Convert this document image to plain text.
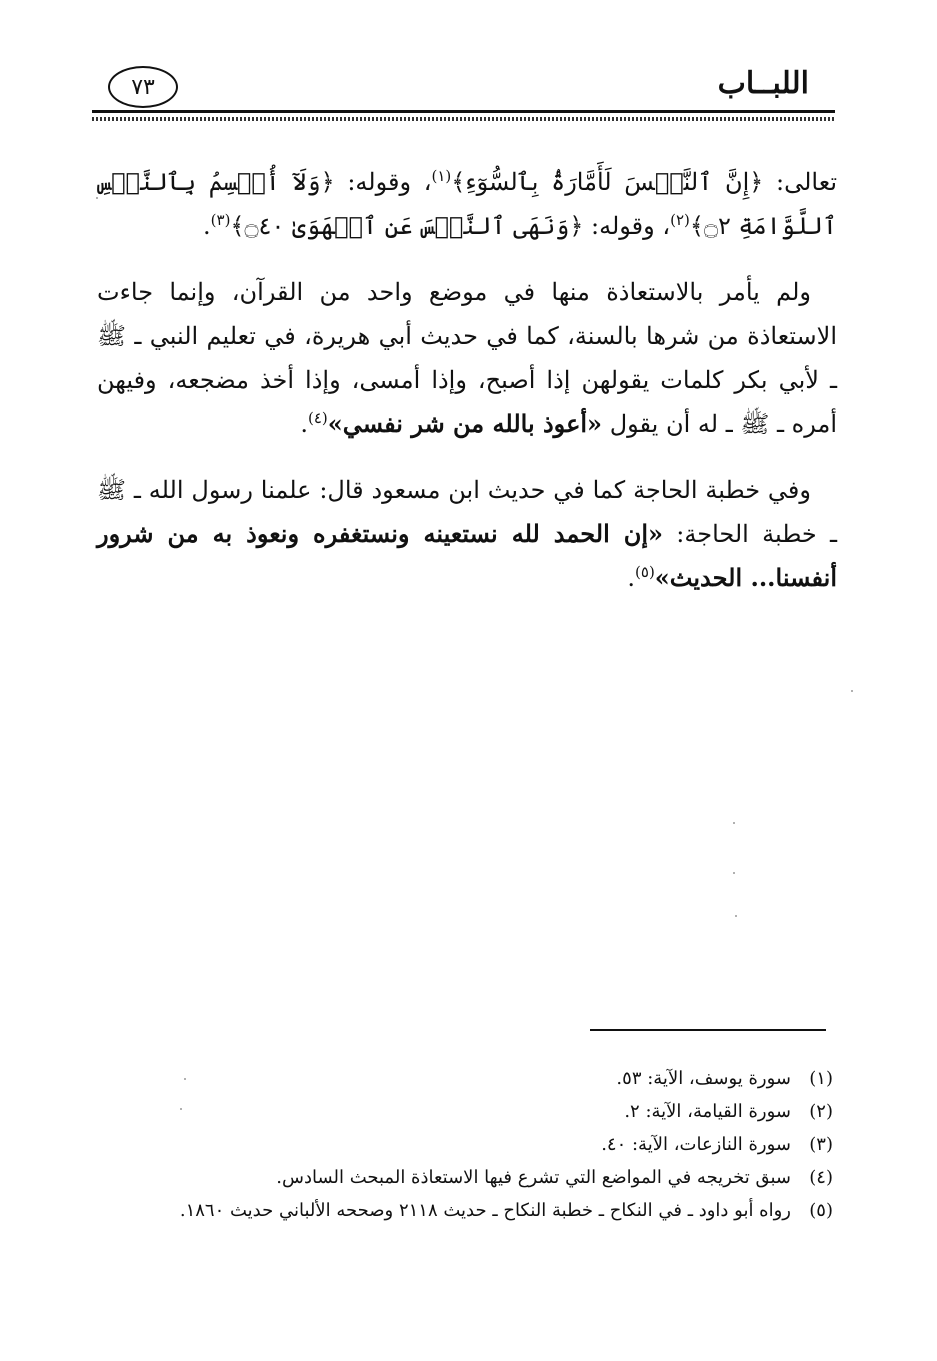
اللبــاب
٧٣

تعالى: ﴿إِنَّ ٱلنَّفۡسَ لَأَمَّارَةُۢ بِٱلسُّوٓءِ﴾$^{(١)}$، وقوله: ﴿وَلَآ أُقۡسِمُ بِٱلنَّفۡسِ ٱللَّوَّامَةِ ۝٢﴾$^{(٢)}$، وقوله: ﴿وَنَهَى ٱلنَّفۡسَ عَنِ ٱلۡهَوَىٰ ۝٤٠﴾$^{(٣)}$.

ولم يأمر بالاستعاذة منها في موضع واحد من القرآن، وإنما جاءت الاستعاذة من شرها بالسنة، كما في حديث أبي هريرة، في تعليم النبي ـ ﷺ ـ لأبي بكر كلمات يقولهن إذا أصبح، وإذا أمسى، وإذا أخذ مضجعه، وفيهن أمره ـ ﷺ ـ له أن يقول «أعوذ بالله من شر نفسي»$^{(٤)}$.

وفي خطبة الحاجة كما في حديث ابن مسعود قال: علمنا رسول الله ـ ﷺ ـ خطبة الحاجة: «إن الحمد لله نستعينه ونستغفره ونعوذ به من شرور أنفسنا... الحديث»$^{(٥)}$.

(١)
سورة يوسف، الآية: ٥٣.
(٢)
سورة القيامة، الآية: ٢.
(٣)
سورة النازعات، الآية: ٤٠.
(٤)
سبق تخريجه في المواضع التي تشرع فيها الاستعاذة المبحث السادس.
(٥)
رواه أبو داود ـ في النكاح ـ خطبة النكاح ـ حديث ٢١١٨ وصححه الألباني حديث ١٨٦٠.
